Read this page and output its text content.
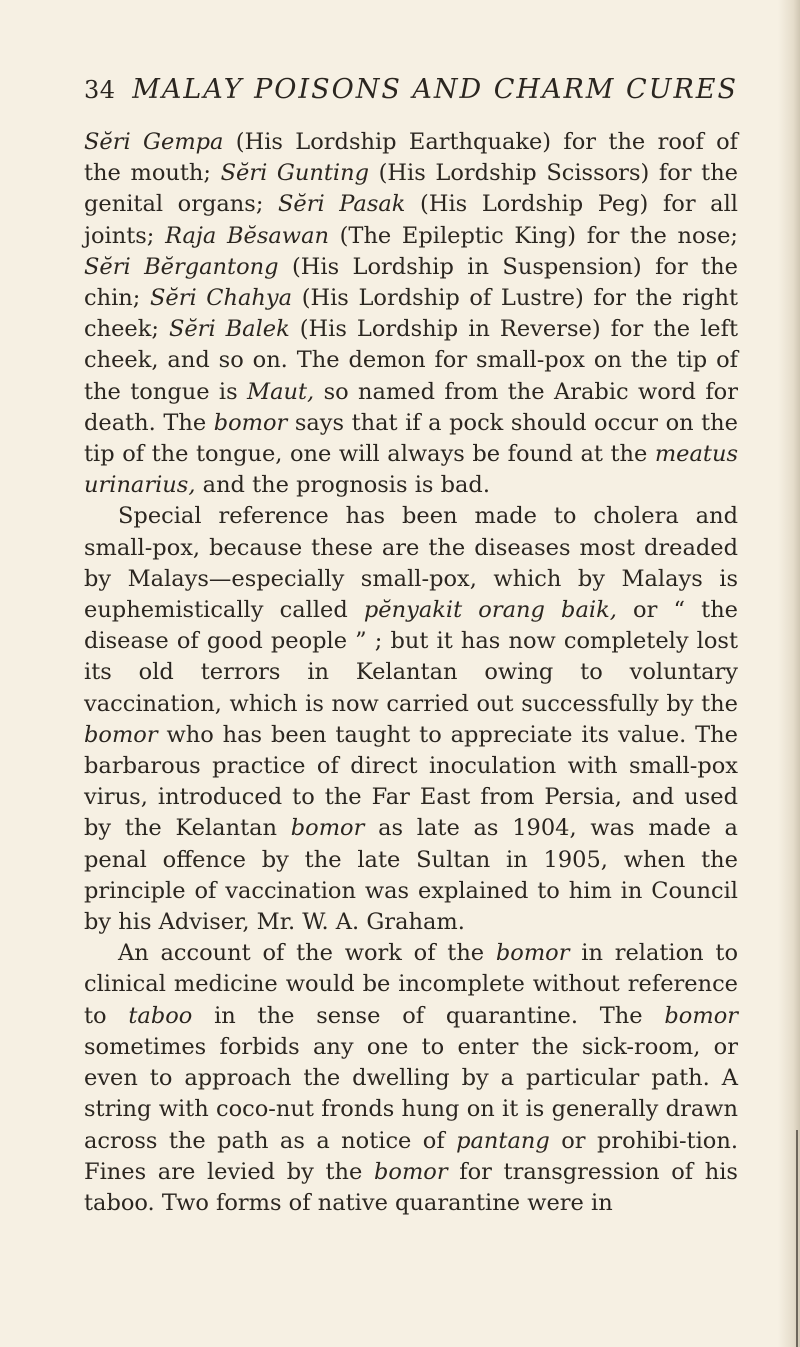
34 MALAY POISONS AND CHARM CURES

Sĕri Gempa (His Lordship Earthquake) for the roof of the mouth; Sĕri Gunting (His Lordship Scissors) for the genital organs; Sĕri Pasak (His Lordship Peg) for all joints; Raja Bĕsawan (The Epileptic King) for the nose; Sĕri Bĕrgantong (His Lordship in Suspension) for the chin; Sĕri Chahya (His Lordship of Lustre) for the right cheek; Sĕri Balek (His Lordship in Reverse) for the left cheek, and so on. The demon for small-pox on the tip of the tongue is Maut, so named from the Arabic word for death. The bomor says that if a pock should occur on the tip of the tongue, one will always be found at the meatus urinarius, and the prognosis is bad.

Special reference has been made to cholera and small-pox, because these are the diseases most dreaded by Malays—especially small-pox, which by Malays is euphemistically called pĕnyakit orang baik, or “ the disease of good people ” ; but it has now completely lost its old terrors in Kelantan owing to voluntary vaccination, which is now carried out successfully by the bomor who has been taught to appreciate its value. The barbarous practice of direct inoculation with small-pox virus, introduced to the Far East from Persia, and used by the Kelantan bomor as late as 1904, was made a penal offence by the late Sultan in 1905, when the principle of vaccination was explained to him in Council by his Adviser, Mr. W. A. Graham.

An account of the work of the bomor in relation to clinical medicine would be incomplete without reference to taboo in the sense of quarantine. The bomor sometimes forbids any one to enter the sick-room, or even to approach the dwelling by a particular path. A string with coco-nut fronds hung on it is generally drawn across the path as a notice of pantang or prohibi-tion. Fines are levied by the bomor for transgression of his taboo. Two forms of native quarantine were in
